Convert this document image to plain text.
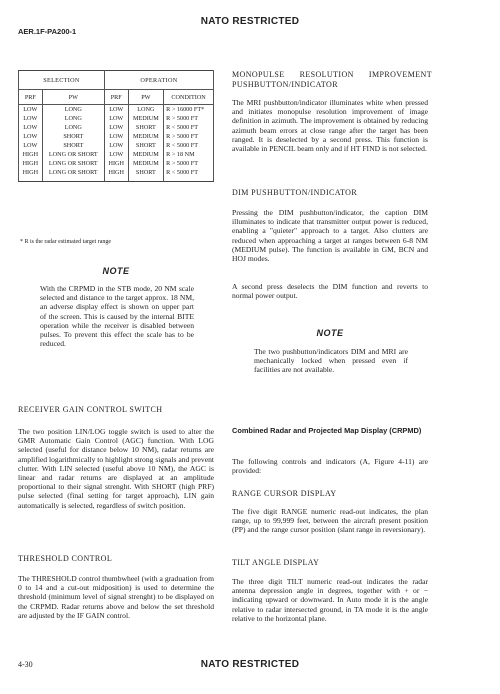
NATO RESTRICTED
AER.1F-PA200-1
SELECTION		OPERATION		
PRF	PW	PRF	PW	CONDITION
LOW	LONG	LOW	LONG	R > 16000 FT*
LOW	LONG	LOW	MEDIUM	R > 5000 FT
LOW	LONG	LOW	SHORT	R < 5000 FT
LOW	SHORT	LOW	MEDIUM	R > 5000 FT
LOW	SHORT	LOW	SHORT	R < 5000 FT
HIGH	LONG OR SHORT	LOW	MEDIUM	R > 18 NM
HIGH	LONG OR SHORT	HIGH	MEDIUM	R > 5000 FT
HIGH	LONG OR SHORT	HIGH	SHORT	R < 5000 FT
* R is the radar estimated target range
NOTE
With the CRPMD in the STB mode, 20 NM scale selected and distance to the target approx. 18 NM, an adverse display effect is shown on upper part of the screen. This is caused by the internal BITE operation while the receiver is disabled between pulses. To prevent this effect the scale has to be reduced.
RECEIVER GAIN CONTROL SWITCH
The two position LIN/LOG toggle switch is used to alter the GMR Automatic Gain Control (AGC) function. With LOG selected (useful for distance below 10 NM), radar returns are amplified logarithmically to highlight strong signals and prevent clutter. With LIN selected (useful above 10 NM), the AGC is linear and radar returns are displayed at an amplitude proportional to their signal strenght. With SHORT (high PRF) pulse selected (final setting for target approach), LIN gain automatically is selected, regardless of switch position.
THRESHOLD CONTROL
The THRESHOLD control thumbwheel (with a graduation from 0 to 14 and a cut-out midposition) is used to determine the threshold (minimum level of signal strenght) to be displayed on the CRPMD. Radar returns above and below the set threshold are adjusted by the IF GAIN control.
MONOPULSE RESOLUTION IMPROVEMENT PUSHBUTTON/INDICATOR
The MRI pushbutton/indicator illuminates white when pressed and initiates monopulse resolution improvement of image definition in azimuth. The improvement is obtained by reducing azimuth beam errors at close range after the target has been ranged. It is deselected by a second press. This function is available in PENCIL beam only and if HT FIND is not selected.
DIM PUSHBUTTON/INDICATOR
Pressing the DIM pushbutton/indicator, the caption DIM illuminates to indicate that transmitter output power is reduced, enabling a "quieter" approach to a target. Also clutters are reduced when approaching a target at ranges between 6-8 NM (MEDIUM pulse). The function is available in GM, BCN and HOJ modes.
A second press deselects the DIM function and reverts to normal power output.
NOTE
The two pushbutton/indicators DIM and MRI are mechanically locked when pressed even if facilities are not available.
Combined Radar and Projected Map Display (CRPMD)
The following controls and indicators (A, Figure 4-11) are provided:
RANGE CURSOR DISPLAY
The five digit RANGE numeric read-out indicates, the plan range, up to 99,999 feet, between the aircraft present position (PP) and the range cursor position (slant range in reversionary).
TILT ANGLE DISPLAY
The three digit TILT numeric read-out indicates the radar antenna depression angle in degrees, together with + or − indicating upward or downward. In Auto mode it is the angle relative to radar intersected ground, in TA mode it is the angle relative to the horizontal plane.
4-30	NATO RESTRICTED
